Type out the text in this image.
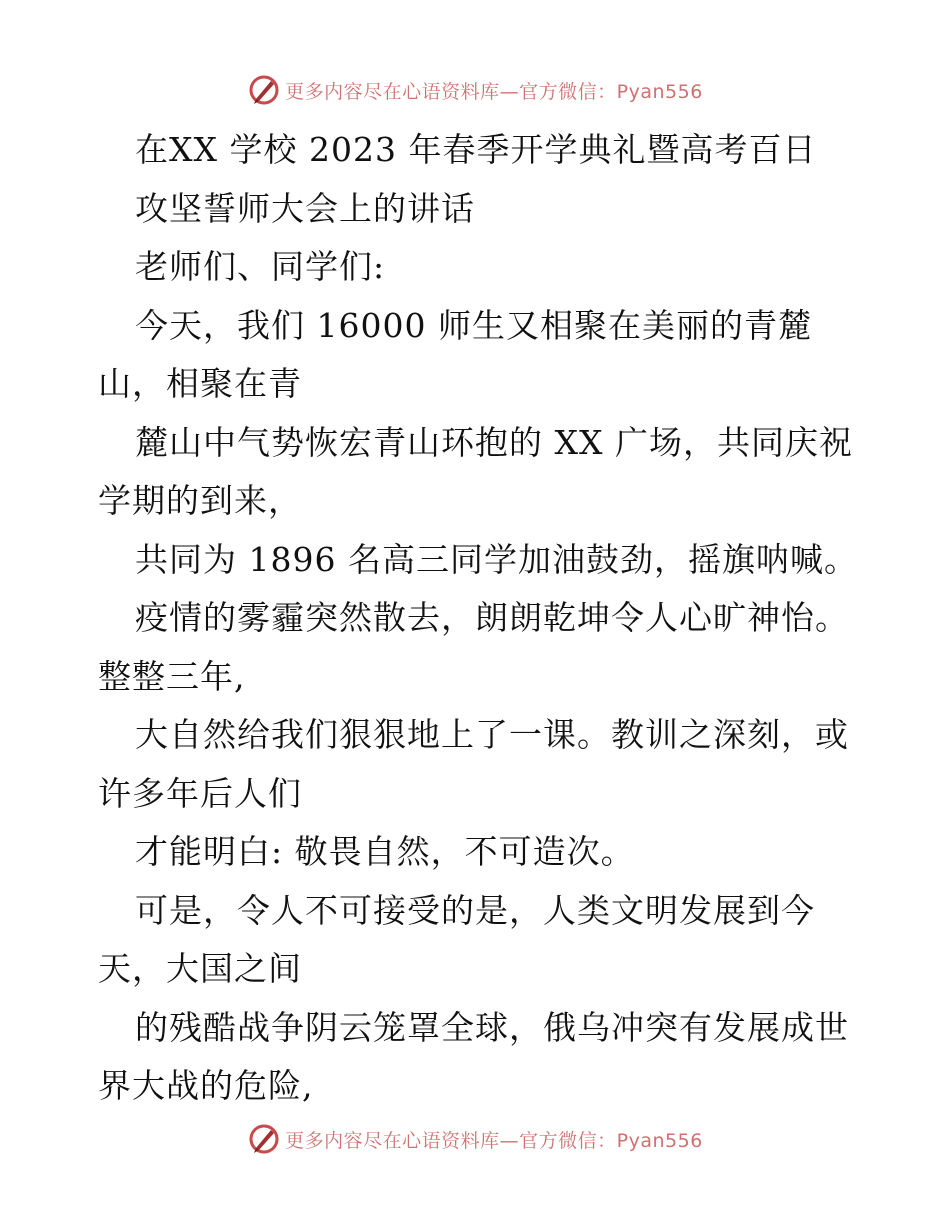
更多内容尽在心语资料库—官方微信：Pyan556
在XX 学校 2023 年春季开学典礼暨高考百日
攻坚誓师大会上的讲话
老师们、同学们:
今天，我们 16000 师生又相聚在美丽的青麓
山，相聚在青
麓山中气势恢宏青山环抱的 XX 广场，共同庆祝
学期的到来，
共同为 1896 名高三同学加油鼓劲，摇旗呐喊。
疫情的雾霾突然散去，朗朗乾坤令人心旷神怡。
整整三年,
大自然给我们狠狠地上了一课。教训之深刻，或
许多年后人们
才能明白: 敬畏自然，不可造次。
可是，令人不可接受的是，人类文明发展到今
天，大国之间
的残酷战争阴云笼罩全球，俄乌冲突有发展成世
界大战的危险,
更多内容尽在心语资料库—官方微信：Pyan556
